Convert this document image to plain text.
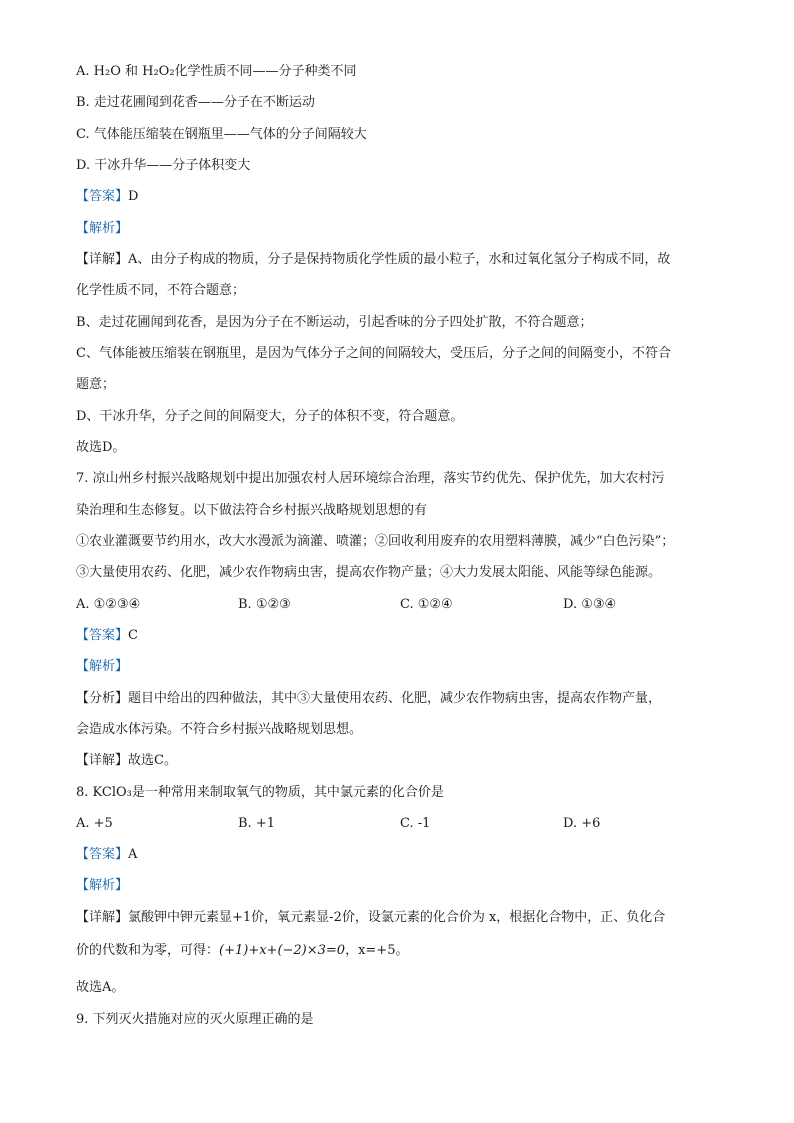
A. H₂O 和 H₂O₂化学性质不同——分子种类不同
B. 走过花圃闻到花香——分子在不断运动
C. 气体能压缩装在钢瓶里——气体的分子间隔较大
D. 干冰升华——分子体积变大
【答案】D
【解析】
【详解】A、由分子构成的物质，分子是保持物质化学性质的最小粒子，水和过氧化氢分子构成不同，故
化学性质不同，不符合题意；
B、走过花圃闻到花香，是因为分子在不断运动，引起香味的分子四处扩散，不符合题意；
C、气体能被压缩装在钢瓶里，是因为气体分子之间的间隔较大，受压后，分子之间的间隔变小，不符合
题意；
D、干冰升华，分子之间的间隔变大，分子的体积不变，符合题意。
故选D。
7. 凉山州乡村振兴战略规划中提出加强农村人居环境综合治理，落实节约优先、保护优先，加大农村污
染治理和生态修复。以下做法符合乡村振兴战略规划思想的有
①农业灌溉要节约用水，改大水漫派为滴灌、喷灌；②回收利用废弃的农用塑料薄膜，减少“白色污染”；
③大量使用农药、化肥，减少农作物病虫害，提高农作物产量；④大力发展太阳能、风能等绿色能源。
A. ①②③④	B. ①②③	C. ①②④	D. ①③④
【答案】C
【解析】
【分析】题目中给出的四种做法，其中③大量使用农药、化肥，减少农作物病虫害，提高农作物产量，
会造成水体污染。不符合乡村振兴战略规划思想。
【详解】故选C。
8. KClO₃是一种常用来制取氧气的物质，其中氯元素的化合价是
A. +5	B. +1	C. -1	D. +6
【答案】A
【解析】
【详解】氯酸钾中钾元素显+1价，氧元素显-2价，设氯元素的化合价为 x，根据化合物中，正、负化合
价的代数和为零，可得：(+1)+x+(−2)×3=0，x=+5。
故选A。
9. 下列灭火措施对应的灭火原理正确的是
